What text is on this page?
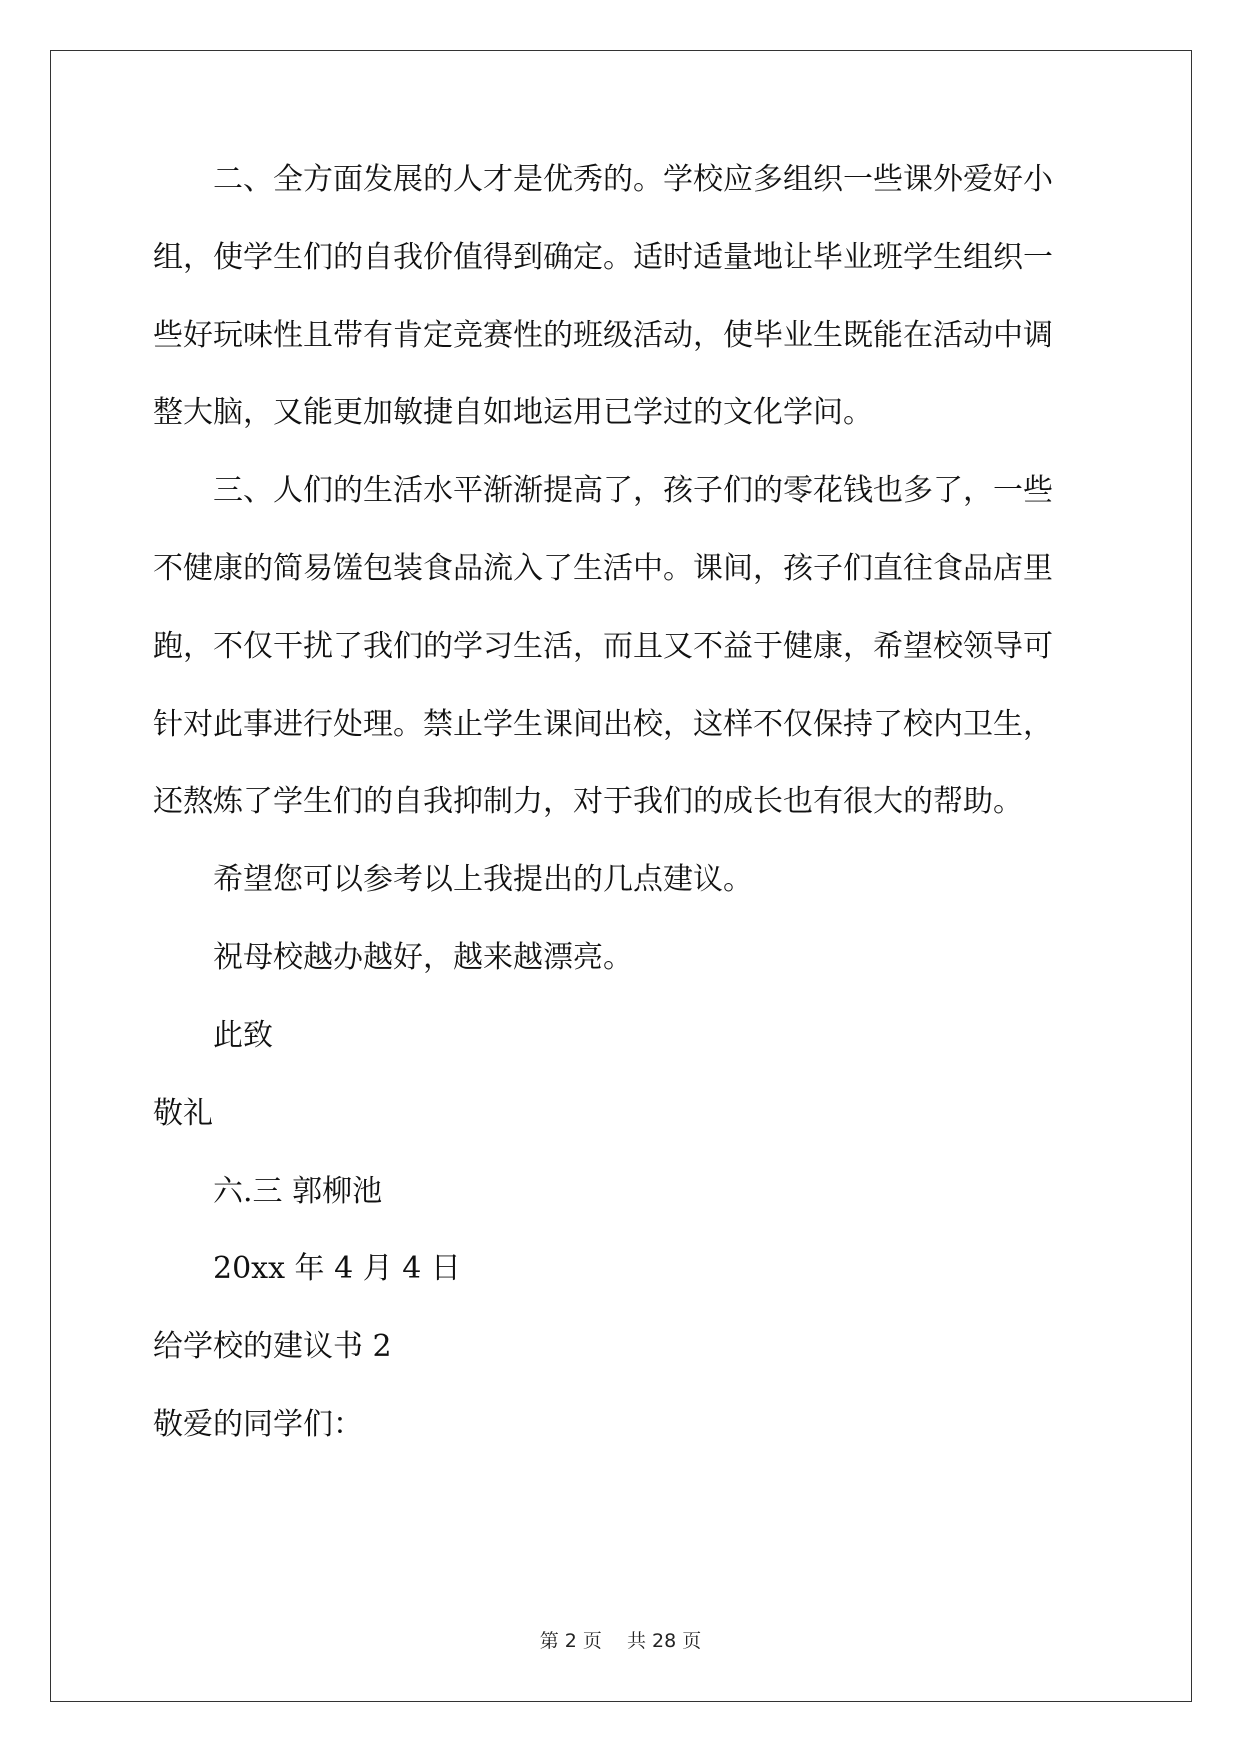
　　二、全方面发展的人才是优秀的。学校应多组织一些课外爱好小
组，使学生们的自我价值得到确定。适时适量地让毕业班学生组织一
些好玩味性且带有肯定竞赛性的班级活动，使毕业生既能在活动中调
整大脑，又能更加敏捷自如地运用已学过的文化学问。
　　三、人们的生活水平渐渐提高了，孩子们的零花钱也多了，一些
不健康的简易馐包装食品流入了生活中。课间，孩子们直往食品店里
跑，不仅干扰了我们的学习生活，而且又不益于健康，希望校领导可
针对此事进行处理。禁止学生课间出校，这样不仅保持了校内卫生，
还熬炼了学生们的自我抑制力，对于我们的成长也有很大的帮助。
　　希望您可以参考以上我提出的几点建议。
　　祝母校越办越好，越来越漂亮。
　　此致
敬礼
　　六.三 郭柳池
　　20xx 年 4 月 4 日
给学校的建议书 2
敬爱的同学们：
第 2 页　 共 28 页
